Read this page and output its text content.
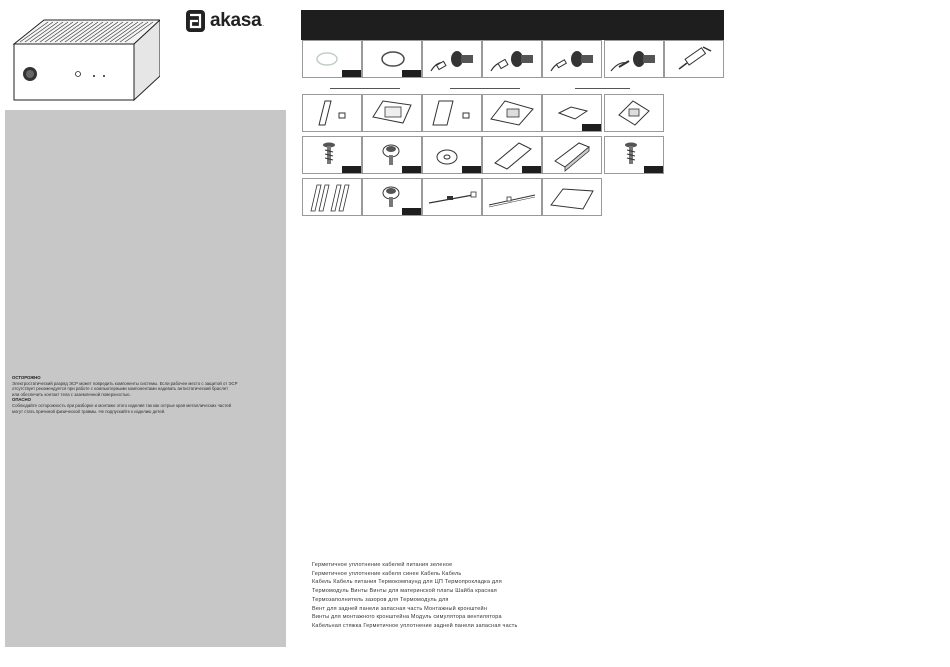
akasa .
ОСТОРОЖНО
Электростатический разряд ЭСР может повредить компоненты системы. Если рабочее место с защитой от ЭСР
отсутствует рекомендуется при работе с компьютерными компонентами надевать антистатический браслет
или обеспечить контакт тела с заземленной поверхностью.
ОПАСНО
Соблюдайте осторожность при разборке и монтаже этого изделия так как острые края металлических частей
могут стать причиной физической травмы. Не подпускайте к изделию детей.
Герметичное уплотнение кабелей питания зеленое
Герметичное уплотнение кабеля синее Кабель Кабель
Кабель Кабель питания Термокомпаунд для ЦП Термопрокладка для
Термомодуль Винты Винты для материнской платы Шайба красная
Термозаполнитель зазоров для Термомодуль для
Вент для задней панели запасная часть Монтажный кронштейн
Винты для монтажного кронштейна Модуль симулятора вентилятора
Кабельная стяжка Герметичное уплотнение задней панели запасная часть
